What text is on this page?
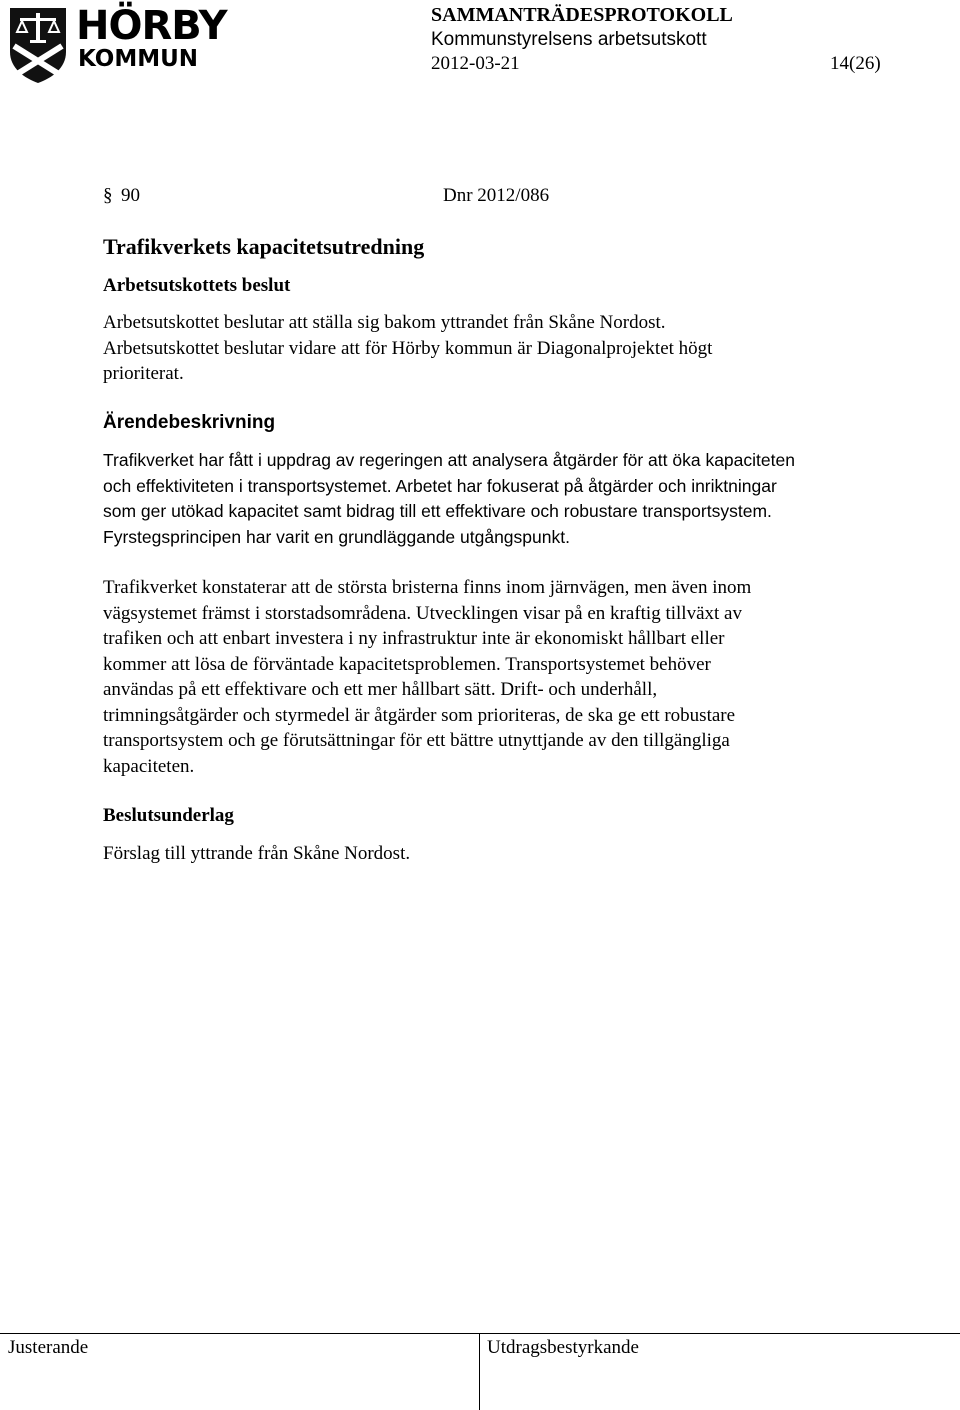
HÖRBY
KOMMUN
SAMMANTRÄDESPROTOKOLL
Kommunstyrelsens arbetsutskott
2012-03-21	14(26)
§ 90	Dnr 2012/086
Trafikverkets kapacitetsutredning
Arbetsutskottets beslut
Arbetsutskottet beslutar att ställa sig bakom yttrandet från Skåne Nordost.
Arbetsutskottet beslutar vidare att för Hörby kommun är Diagonalprojektet högt
prioriterat.
Ärendebeskrivning
Trafikverket har fått i uppdrag av regeringen att analysera åtgärder för att öka kapaciteten
och effektiviteten i transportsystemet. Arbetet har fokuserat på åtgärder och inriktningar
som ger utökad kapacitet samt bidrag till ett effektivare och robustare transportsystem.
Fyrstegsprincipen har varit en grundläggande utgångspunkt.
Trafikverket konstaterar att de största bristerna finns inom järnvägen, men även inom
vägsystemet främst i storstadsområdena. Utvecklingen visar på en kraftig tillväxt av
trafiken och att enbart investera i ny infrastruktur inte är ekonomiskt hållbart eller
kommer att lösa de förväntade kapacitetsproblemen. Transportsystemet behöver
användas på ett effektivare och ett mer hållbart sätt. Drift- och underhåll,
trimningsåtgärder och styrmedel är åtgärder som prioriteras, de ska ge ett robustare
transportsystem och ge förutsättningar för ett bättre utnyttjande av den tillgängliga
kapaciteten.
Beslutsunderlag
Förslag till yttrande från Skåne Nordost.
Justerande	Utdragsbestyrkande
